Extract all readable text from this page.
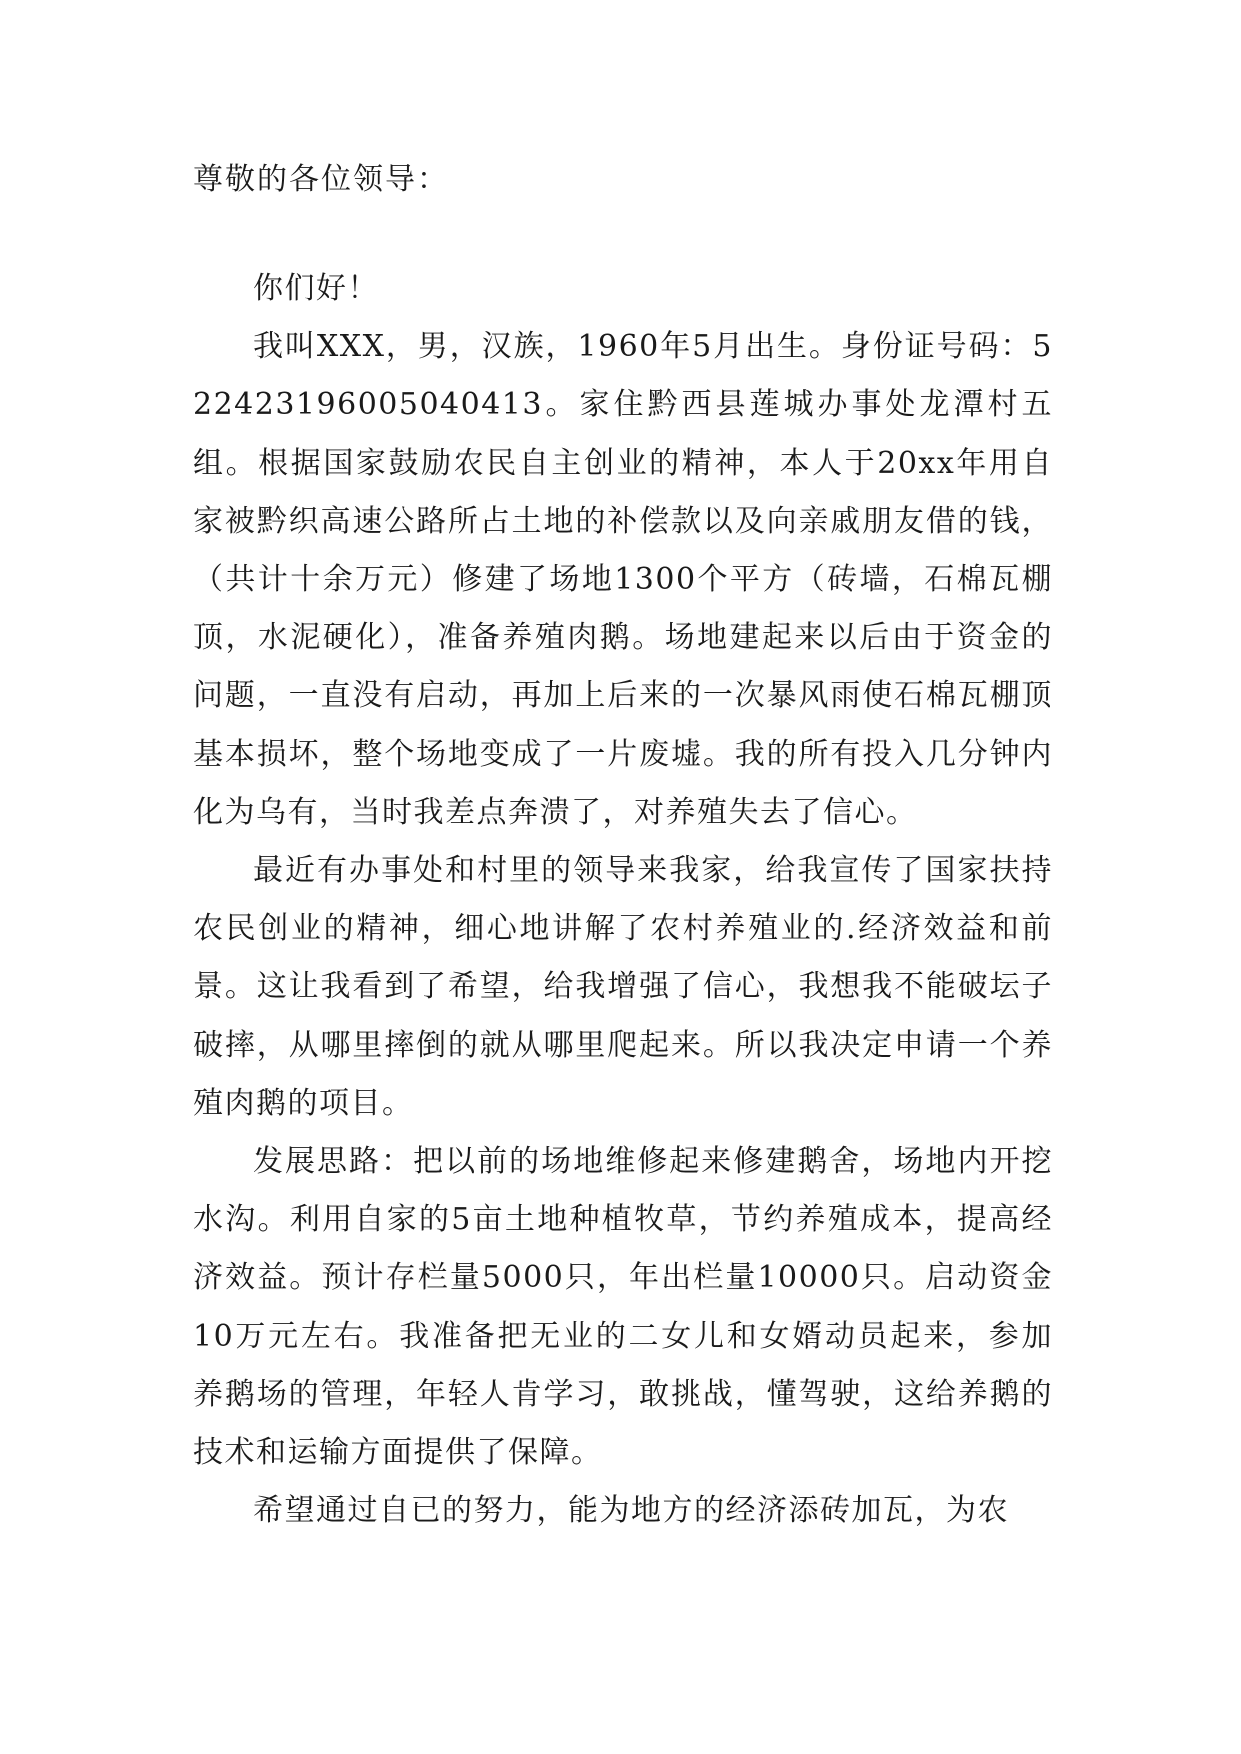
尊敬的各位领导：

你们好！

我叫XXX，男，汉族，1960年5月出生。身份证号码：522423196005040413。家住黔西县莲城办事处龙潭村五组。根据国家鼓励农民自主创业的精神，本人于20xx年用自家被黔织高速公路所占土地的补偿款以及向亲戚朋友借的钱，（共计十余万元）修建了场地1300个平方（砖墙，石棉瓦棚顶，水泥硬化），准备养殖肉鹅。场地建起来以后由于资金的问题，一直没有启动，再加上后来的一次暴风雨使石棉瓦棚顶基本损坏，整个场地变成了一片废墟。我的所有投入几分钟内化为乌有，当时我差点奔溃了，对养殖失去了信心。

最近有办事处和村里的领导来我家，给我宣传了国家扶持农民创业的精神，细心地讲解了农村养殖业的.经济效益和前景。这让我看到了希望，给我增强了信心，我想我不能破坛子破摔，从哪里摔倒的就从哪里爬起来。所以我决定申请一个养殖肉鹅的项目。

发展思路：把以前的场地维修起来修建鹅舍，场地内开挖水沟。利用自家的5亩土地种植牧草，节约养殖成本，提高经济效益。预计存栏量5000只，年出栏量10000只。启动资金10万元左右。我准备把无业的二女儿和女婿动员起来，参加养鹅场的管理，年轻人肯学习，敢挑战，懂驾驶，这给养鹅的技术和运输方面提供了保障。

希望通过自已的努力，能为地方的经济添砖加瓦，为农
